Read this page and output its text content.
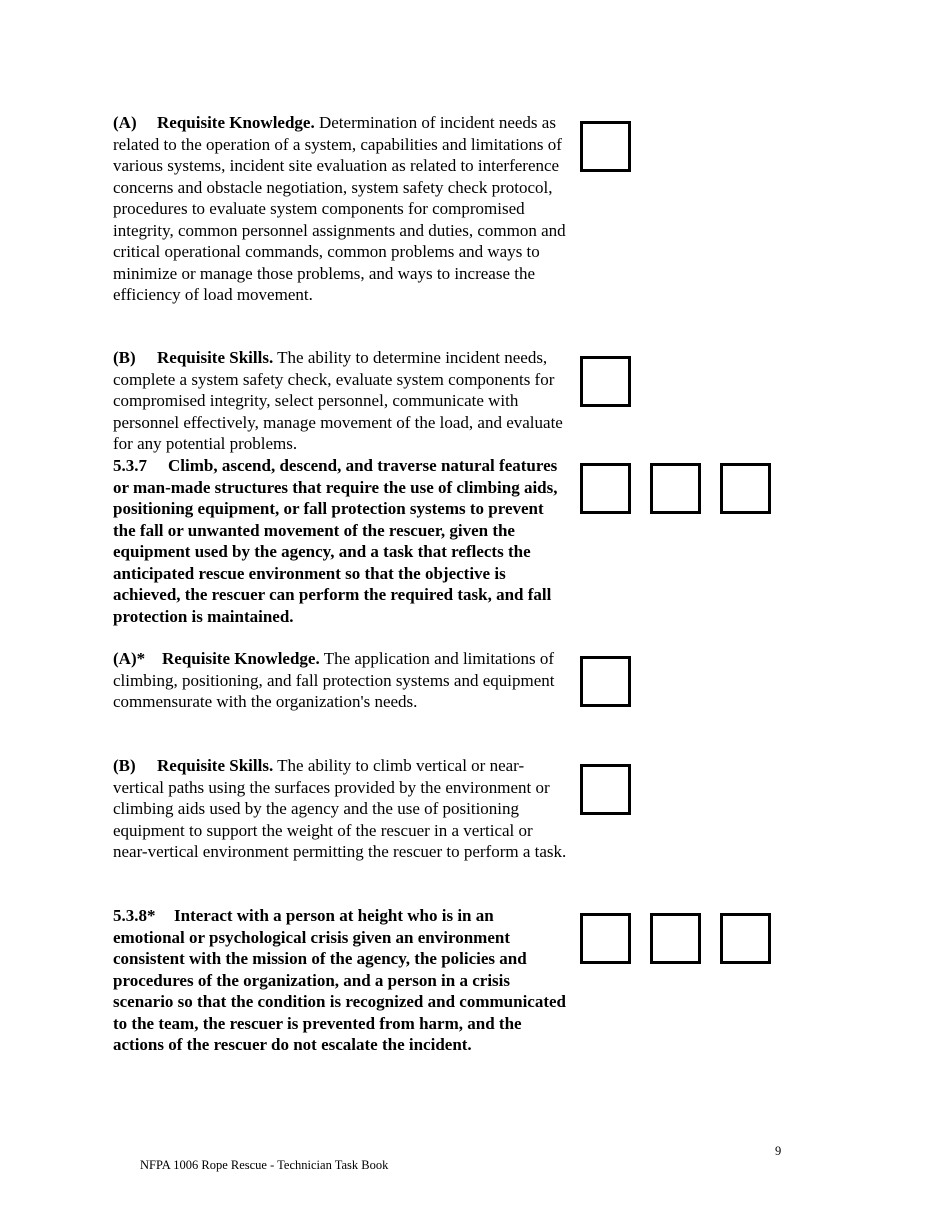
(A) Requisite Knowledge. Determination of incident needs as related to the operation of a system, capabilities and limitations of various systems, incident site evaluation as related to interference concerns and obstacle negotiation, system safety check protocol, procedures to evaluate system components for compromised integrity, common personnel assignments and duties, common and critical operational commands, common problems and ways to minimize or manage those problems, and ways to increase the efficiency of load movement.

(B) Requisite Skills. The ability to determine incident needs, complete a system safety check, evaluate system components for compromised integrity, select personnel, communicate with personnel effectively, manage movement of the load, and evaluate for any potential problems.

5.3.7 Climb, ascend, descend, and traverse natural features or man-made structures that require the use of climbing aids, positioning equipment, or fall protection systems to prevent the fall or unwanted movement of the rescuer, given the equipment used by the agency, and a task that reflects the anticipated rescue environment so that the objective is achieved, the rescuer can perform the required task, and fall protection is maintained.

(A)* Requisite Knowledge. The application and limitations of climbing, positioning, and fall protection systems and equipment commensurate with the organization's needs.

(B) Requisite Skills. The ability to climb vertical or near-vertical paths using the surfaces provided by the environment or climbing aids used by the agency and the use of positioning equipment to support the weight of the rescuer in a vertical or near-vertical environment permitting the rescuer to perform a task.

5.3.8* Interact with a person at height who is in an emotional or psychological crisis given an environment consistent with the mission of the agency, the policies and procedures of the organization, and a person in a crisis scenario so that the condition is recognized and communicated to the team, the rescuer is prevented from harm, and the actions of the rescuer do not escalate the incident.

9
NFPA 1006 Rope Rescue - Technician Task Book
